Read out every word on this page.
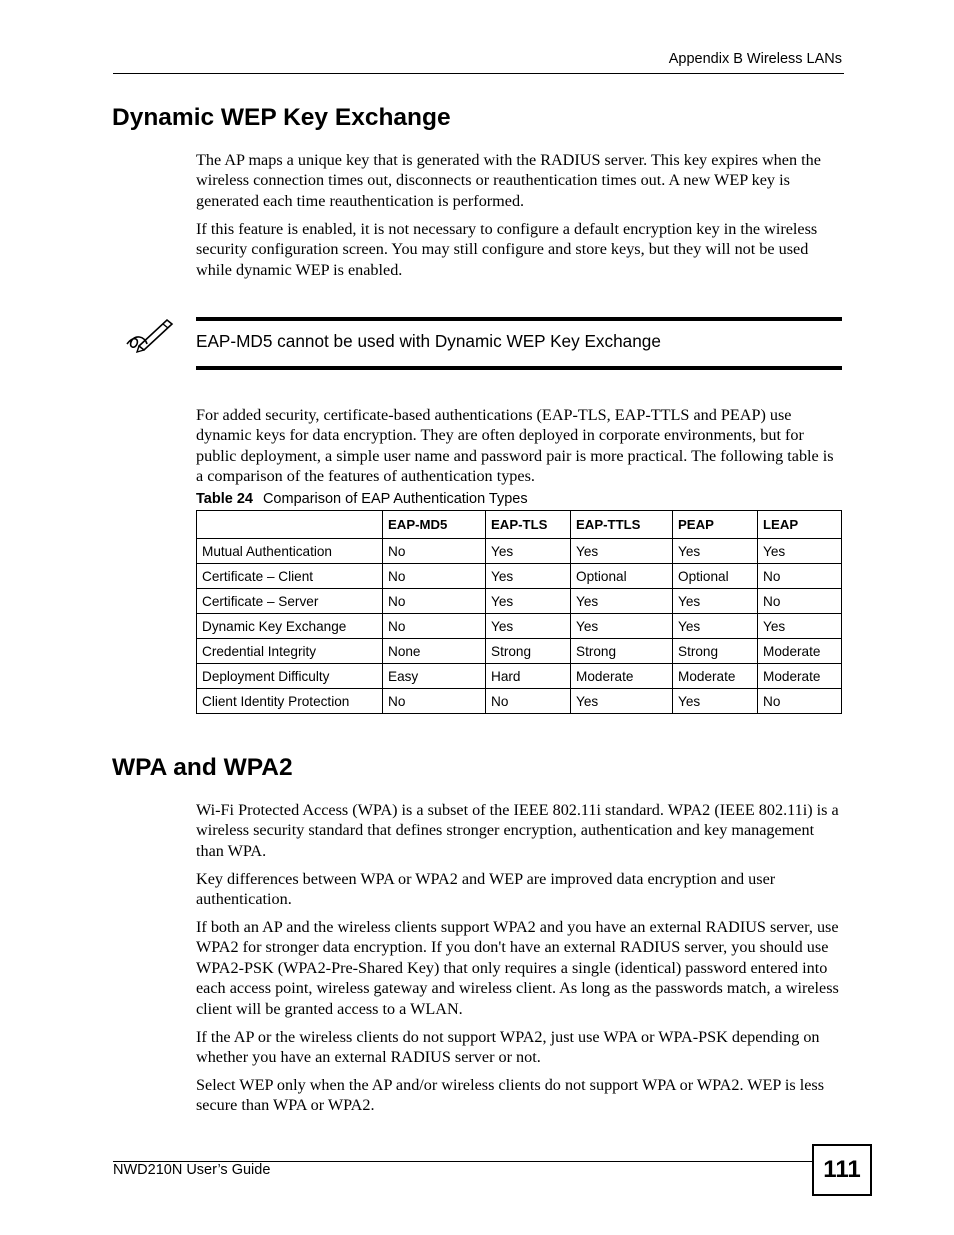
Appendix B Wireless LANs
Dynamic WEP Key Exchange

The AP maps a unique key that is generated with the RADIUS server. This key expires when the wireless connection times out, disconnects or reauthentication times out. A new WEP key is generated each time reauthentication is performed.

If this feature is enabled, it is not necessary to configure a default encryption key in the wireless security configuration screen. You may still configure and store keys, but they will not be used while dynamic WEP is enabled.

EAP-MD5 cannot be used with Dynamic WEP Key Exchange

For added security, certificate-based authentications (EAP-TLS, EAP-TTLS and PEAP) use dynamic keys for data encryption. They are often deployed in corporate environments, but for public deployment, a simple user name and password pair is more practical. The following table is a comparison of the features of authentication types.

Table 24 Comparison of EAP Authentication Types
	EAP-MD5	EAP-TLS	EAP-TTLS	PEAP	LEAP
Mutual Authentication	No	Yes	Yes	Yes	Yes
Certificate – Client	No	Yes	Optional	Optional	No
Certificate – Server	No	Yes	Yes	Yes	No
Dynamic Key Exchange	No	Yes	Yes	Yes	Yes
Credential Integrity	None	Strong	Strong	Strong	Moderate
Deployment Difficulty	Easy	Hard	Moderate	Moderate	Moderate
Client Identity Protection	No	No	Yes	Yes	No
WPA and WPA2

Wi-Fi Protected Access (WPA) is a subset of the IEEE 802.11i standard. WPA2 (IEEE 802.11i) is a wireless security standard that defines stronger encryption, authentication and key management than WPA.

Key differences between WPA or WPA2 and WEP are improved data encryption and user authentication.

If both an AP and the wireless clients support WPA2 and you have an external RADIUS server, use WPA2 for stronger data encryption. If you don't have an external RADIUS server, you should use WPA2-PSK (WPA2-Pre-Shared Key) that only requires a single (identical) password entered into each access point, wireless gateway and wireless client. As long as the passwords match, a wireless client will be granted access to a WLAN.

If the AP or the wireless clients do not support WPA2, just use WPA or WPA-PSK depending on whether you have an external RADIUS server or not.

Select WEP only when the AP and/or wireless clients do not support WPA or WPA2. WEP is less secure than WPA or WPA2.

NWD210N User’s Guide	111
